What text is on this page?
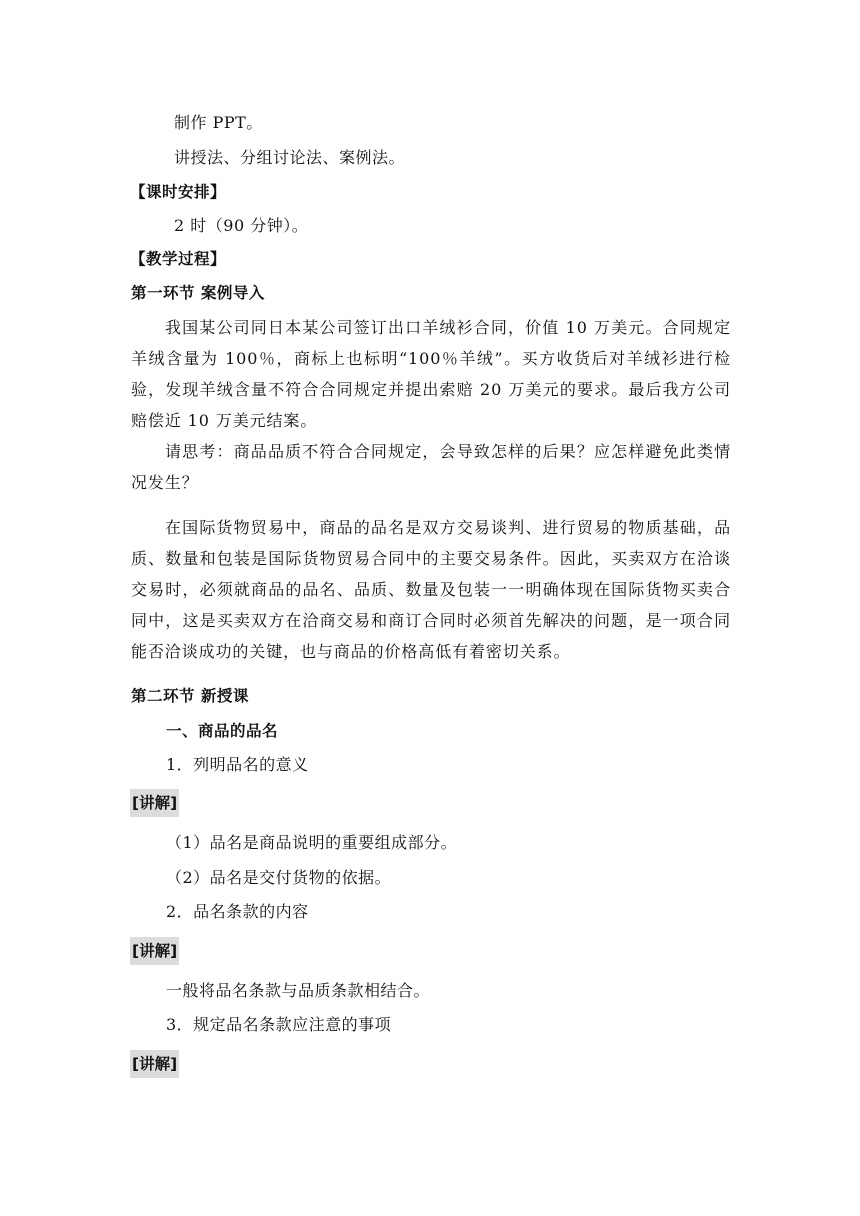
制作 PPT。
讲授法、分组讨论法、案例法。
【课时安排】
2 时（90 分钟）。
【教学过程】
第一环节 案例导入
我国某公司同日本某公司签订出口羊绒衫合同，价值 10 万美元。合同规定羊绒含量为 100％，商标上也标明“100％羊绒”。买方收货后对羊绒衫进行检验，发现羊绒含量不符合合同规定并提出索赔 20 万美元的要求。最后我方公司赔偿近 10 万美元结案。
请思考：商品品质不符合合同规定，会导致怎样的后果？应怎样避免此类情况发生？
在国际货物贸易中，商品的品名是双方交易谈判、进行贸易的物质基础，品质、数量和包装是国际货物贸易合同中的主要交易条件。因此，买卖双方在洽谈交易时，必须就商品的品名、品质、数量及包装一一明确体现在国际货物买卖合同中，这是买卖双方在洽商交易和商订合同时必须首先解决的问题，是一项合同能否洽谈成功的关键，也与商品的价格高低有着密切关系。
第二环节 新授课
一、商品的品名
1．列明品名的意义
[讲解]
（1）品名是商品说明的重要组成部分。
（2）品名是交付货物的依据。
2．品名条款的内容
[讲解]
一般将品名条款与品质条款相结合。
3．规定品名条款应注意的事项
[讲解]
